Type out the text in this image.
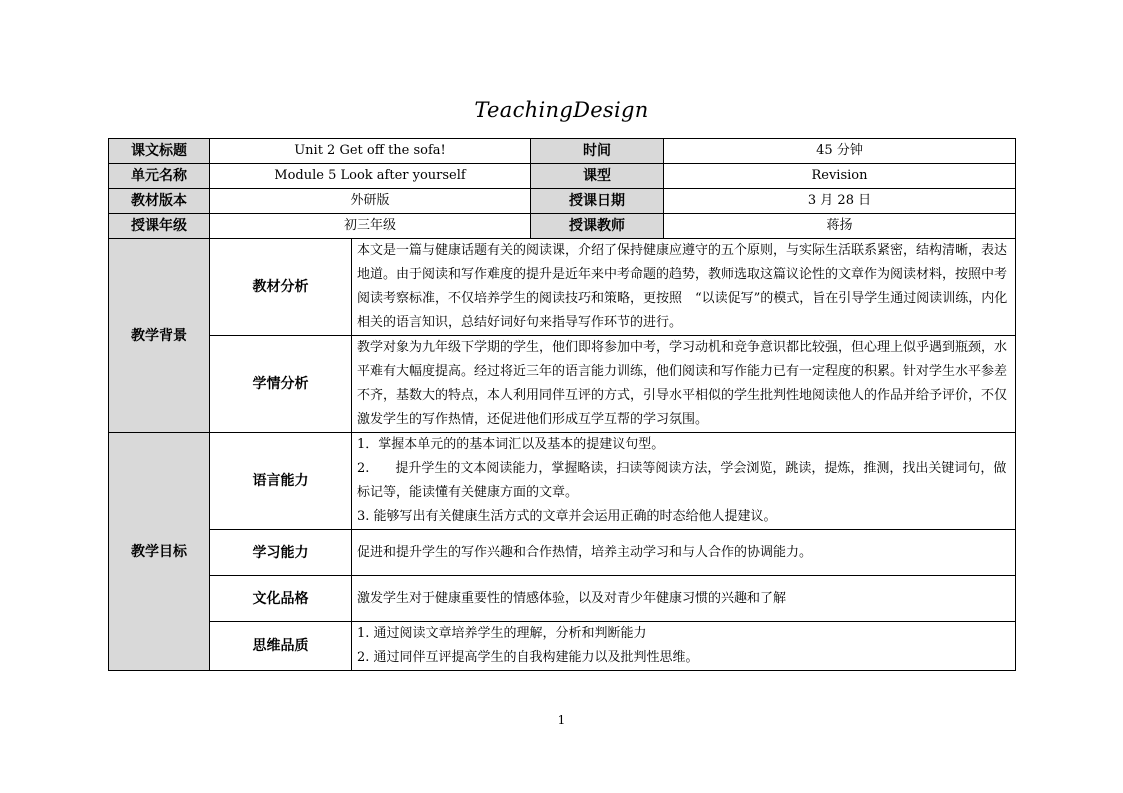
TeachingDesign
课文标题	Unit 2 Get off the sofa!		时间	45 分钟
单元名称	Module 5 Look after yourself		课型	Revision
教材版本	外研版		授课日期	3 月 28 日
授课年级	初三年级		授课教师	蒋扬
教学背景	教材分析	本文是一篇与健康话题有关的阅读课，介绍了保持健康应遵守的五个原则，与实际生活联系紧密，结构清晰，表达地道。由于阅读和写作难度的提升是近年来中考命题的趋势，教师选取这篇议论性的文章作为阅读材料，按照中考阅读考察标准，不仅培养学生的阅读技巧和策略，更按照　“以读促写”的模式，旨在引导学生通过阅读训练，内化相关的语言知识，总结好词好句来指导写作环节的进行。		
	学情分析	教学对象为九年级下学期的学生，他们即将参加中考，学习动机和竞争意识都比较强，但心理上似乎遇到瓶颈，水平难有大幅度提高。经过将近三年的语言能力训练，他们阅读和写作能力已有一定程度的积累。针对学生水平参差不齐，基数大的特点，本人利用同伴互评的方式，引导水平相似的学生批判性地阅读他人的作品并给予评价，不仅激发学生的写作热情，还促进他们形成互学互帮的学习氛围。		
教学目标	语言能力	1．掌握本单元的的基本词汇以及基本的提建议句型。

2.　　提升学生的文本阅读能力，掌握略读，扫读等阅读方法，学会浏览，跳读，提炼，推测，找出关键词句，做标记等，能读懂有关健康方面的文章。

3. 能够写出有关健康生活方式的文章并会运用正确的时态给他人提建议。		

	学习能力	促进和提升学生的写作兴趣和合作热情，培养主动学习和与人合作的协调能力。		
	文化品格	激发学生对于健康重要性的情感体验，以及对青少年健康习惯的兴趣和了解		
	思维品质	1. 通过阅读文章培养学生的理解，分析和判断能力

2. 通过同伴互评提高学生的自我构建能力以及批判性思维。		

1
